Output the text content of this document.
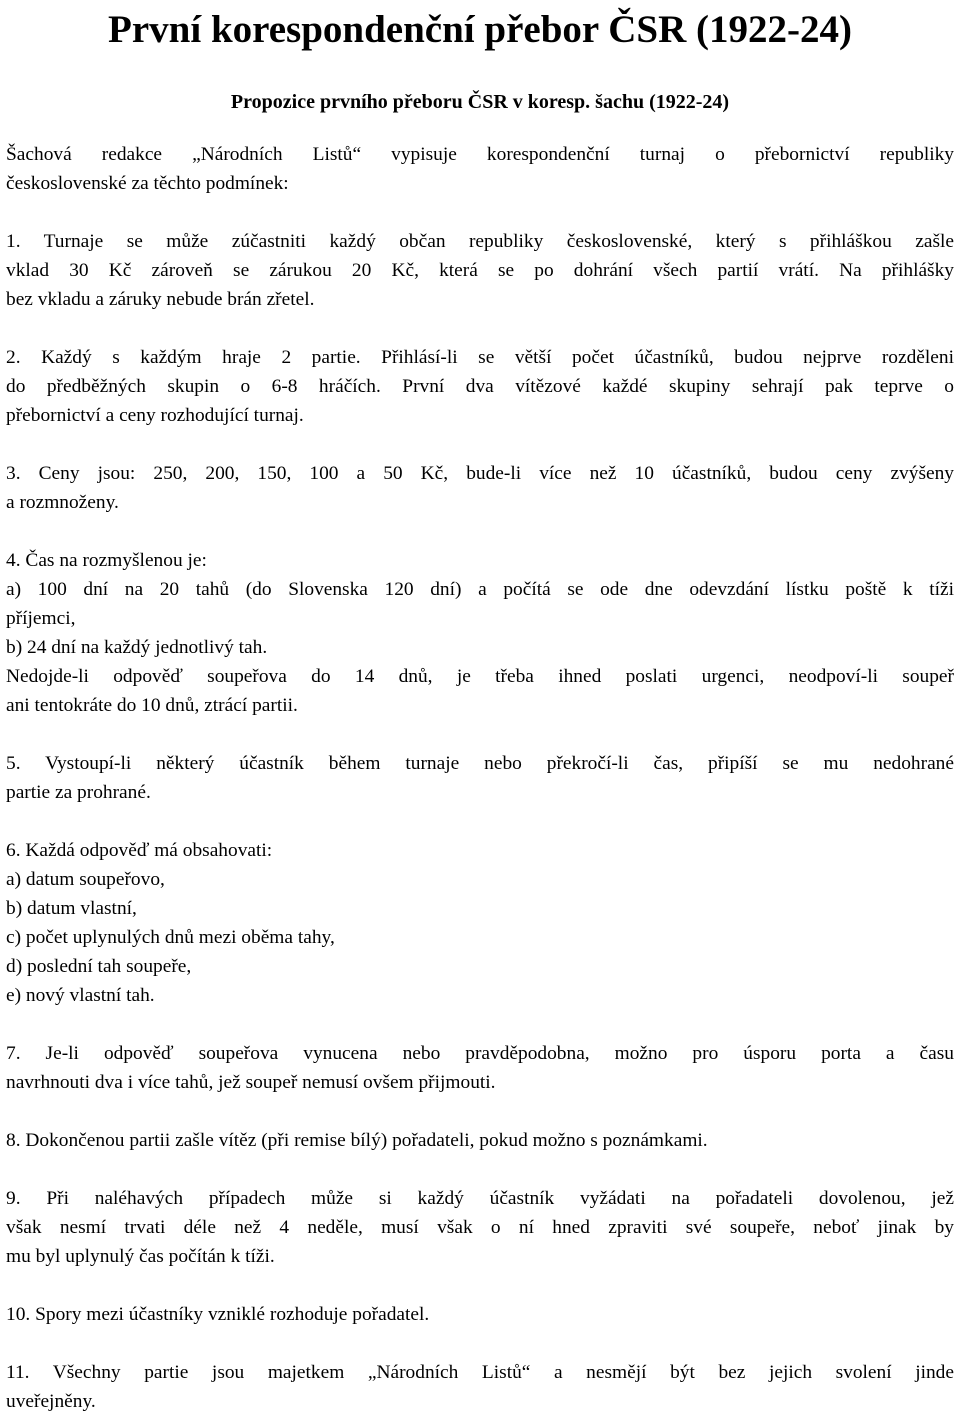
První korespondenční přebor ČSR (1922-24)
Propozice prvního přeboru ČSR v koresp. šachu (1922-24)

Šachová redakce „Národních Listů“ vypisuje korespondenční turnaj o přebornictví republiky
československé za těchto podmínek:

1. Turnaje se může zúčastniti každý občan republiky československé, který s přihláškou zašle
vklad 30 Kč zároveň se zárukou 20 Kč, která se po dohrání všech partií vrátí. Na přihlášky
bez vkladu a záruky nebude brán zřetel.

2. Každý s každým hraje 2 partie. Přihlásí-li se větší počet účastníků, budou nejprve rozděleni
do předběžných skupin o 6-8 hráčích. První dva vítězové každé skupiny sehrají pak teprve o
přebornictví a ceny rozhodující turnaj.

3. Ceny jsou: 250, 200, 150, 100 a 50 Kč, bude-li více než 10 účastníků, budou ceny zvýšeny
a rozmnoženy.

4. Čas na rozmyšlenou je:
a) 100 dní na 20 tahů (do Slovenska 120 dní) a počítá se ode dne odevzdání lístku poště k tíži
příjemci,
b) 24 dní na každý jednotlivý tah.
Nedojde-li odpověď soupeřova do 14 dnů, je třeba ihned poslati urgenci, neodpoví-li soupeř
ani tentokráte do 10 dnů, ztrácí partii.

5. Vystoupí-li některý účastník během turnaje nebo překročí-li čas, připíší se mu nedohrané
partie za prohrané.

6. Každá odpověď má obsahovati:
a) datum soupeřovo,
b) datum vlastní,
c) počet uplynulých dnů mezi oběma tahy,
d) poslední tah soupeře,
e) nový vlastní tah.

7. Je-li odpověď soupeřova vynucena nebo pravděpodobna, možno pro úsporu porta a času
navrhnouti dva i více tahů, jež soupeř nemusí ovšem přijmouti.

8. Dokončenou partii zašle vítěz (při remise bílý) pořadateli, pokud možno s poznámkami.

9. Při naléhavých případech může si každý účastník vyžádati na pořadateli dovolenou, jež
však nesmí trvati déle než 4 neděle, musí však o ní hned zpraviti své soupeře, neboť jinak by
mu byl uplynulý čas počítán k tíži.

10. Spory mezi účastníky vzniklé rozhoduje pořadatel.

11. Všechny partie jsou majetkem „Národních Listů“ a nesmějí být bez jejich svolení jinde
uveřejněny.
